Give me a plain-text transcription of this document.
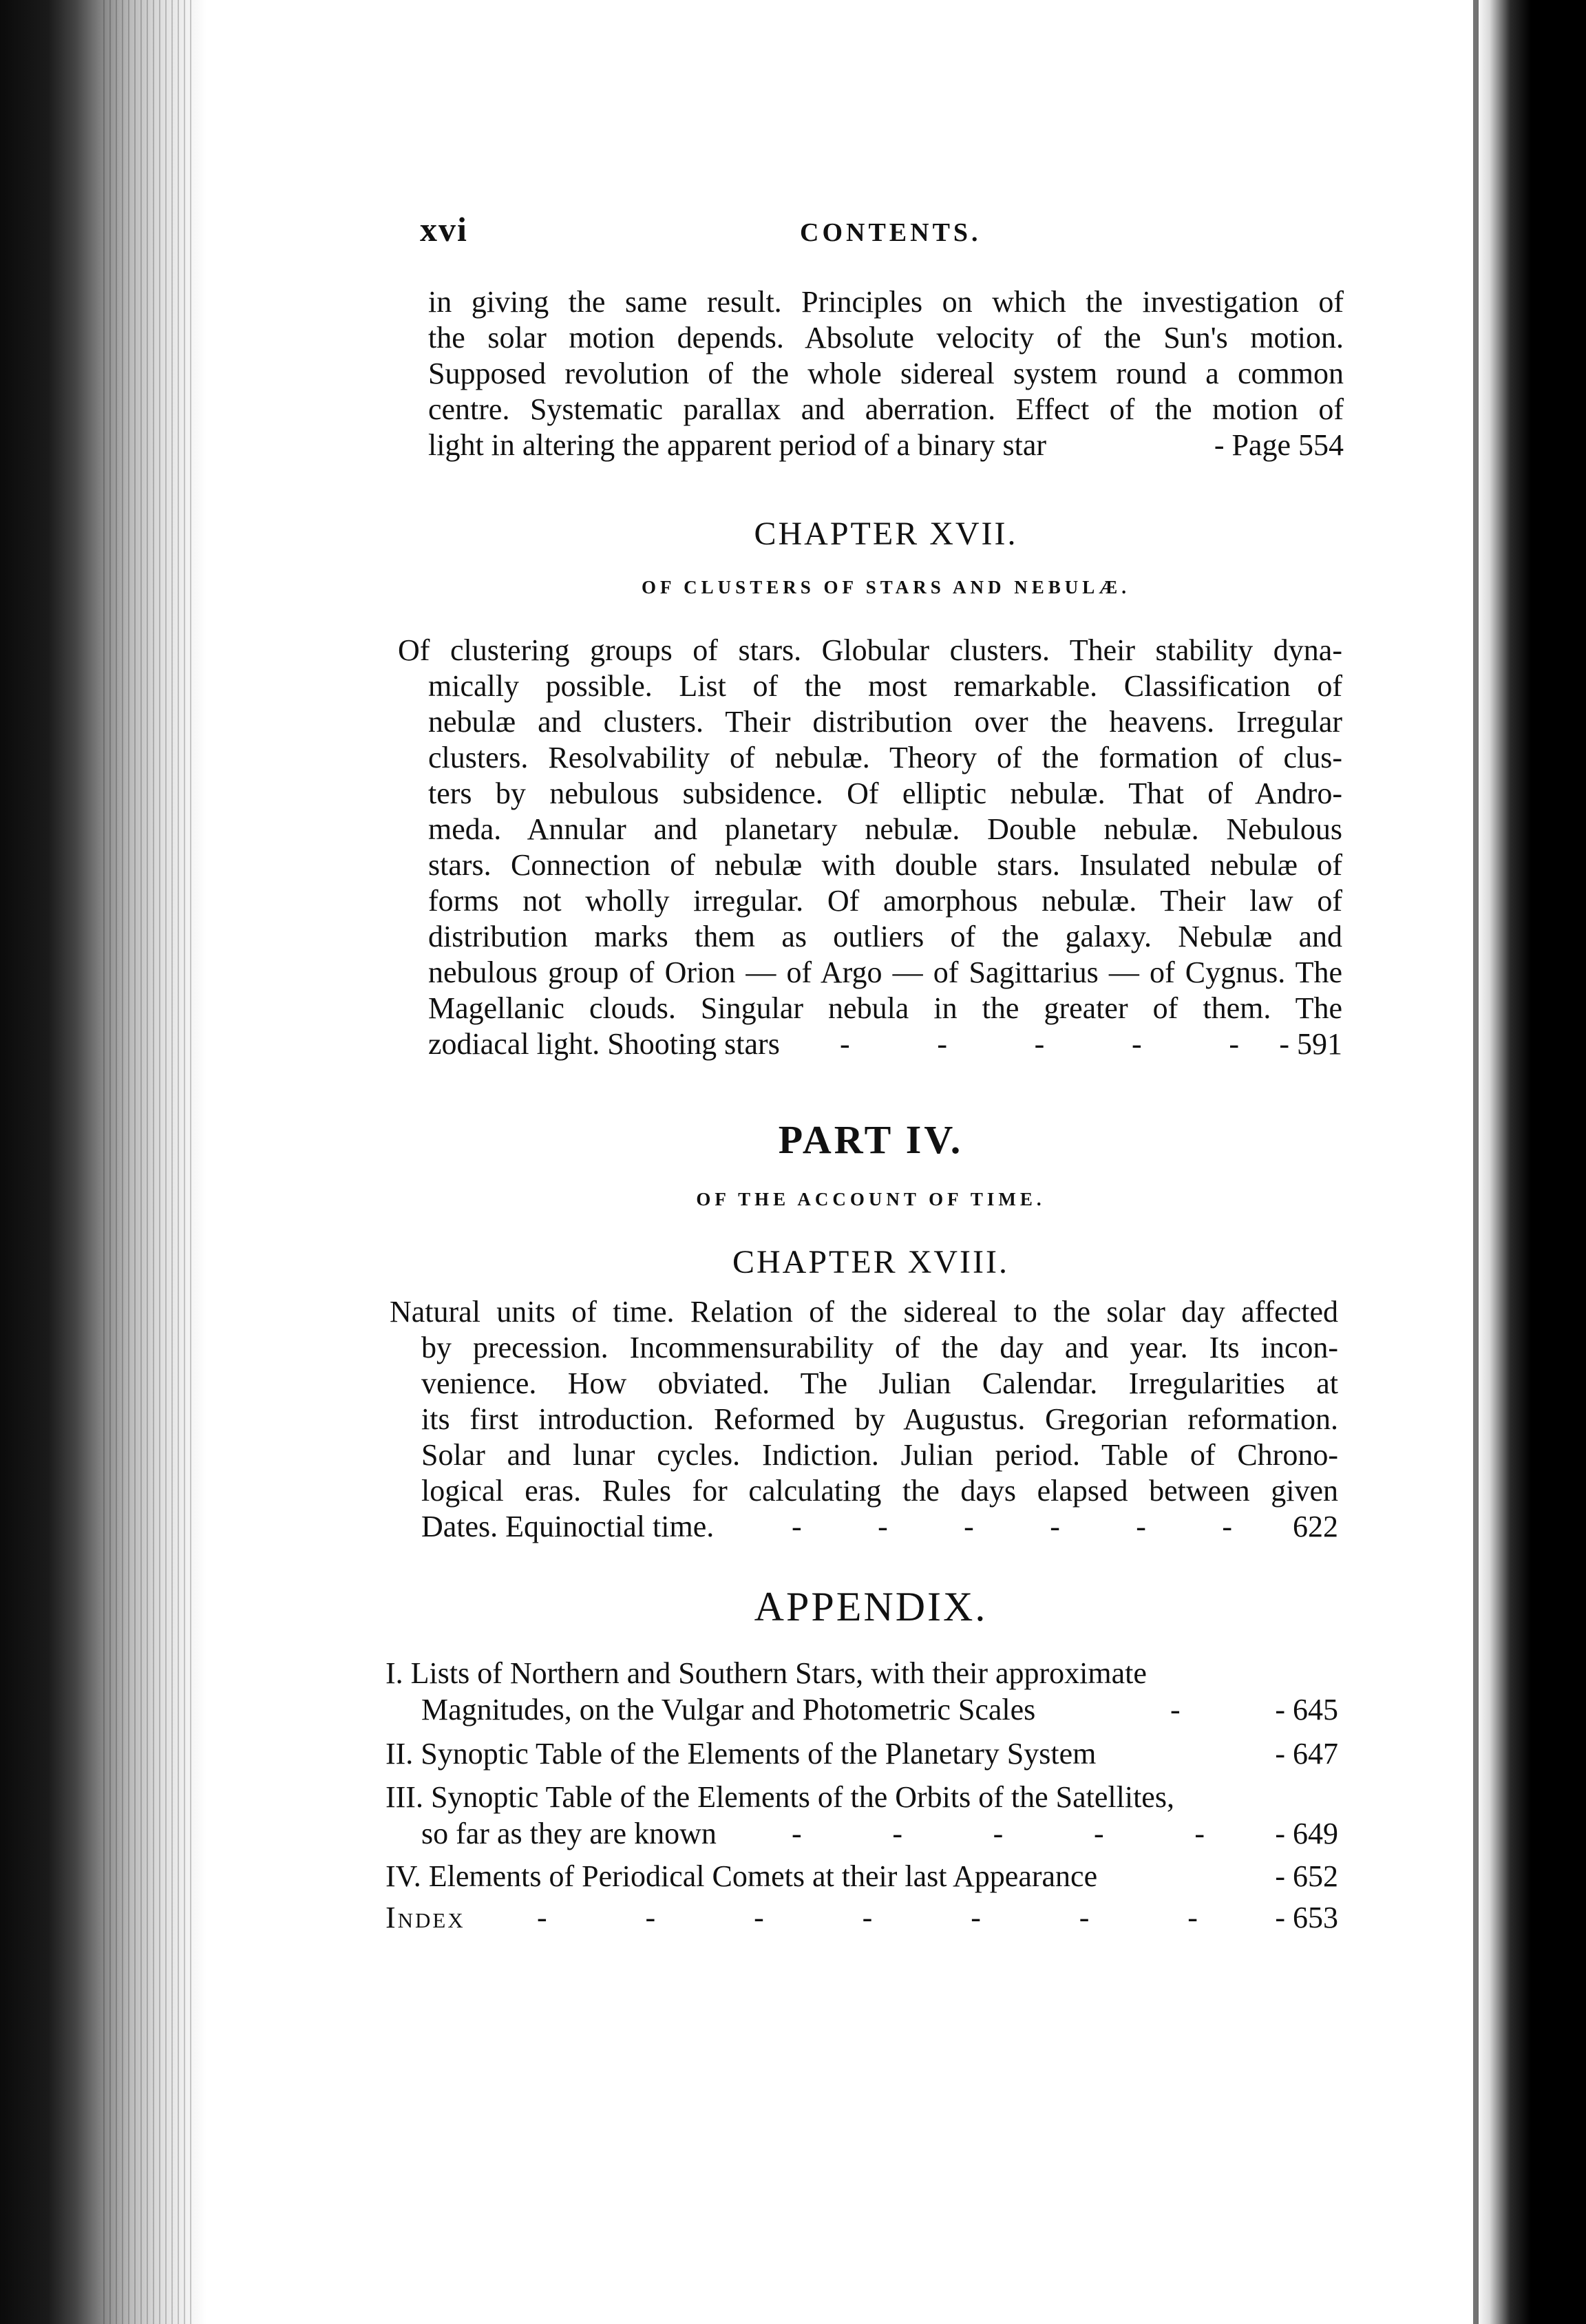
xvi	CONTENTS.
in giving the same result. Principles on which the investigation of
the solar motion depends. Absolute velocity of the Sun's motion.
Supposed revolution of the whole sidereal system round a common
centre. Systematic parallax and aberration. Effect of the motion of
light in altering the apparent period of a binary star	- Page 554
CHAPTER XVII.
OF CLUSTERS OF STARS AND NEBULÆ.
Of clustering groups of stars. Globular clusters. Their stability dyna-
mically possible. List of the most remarkable. Classification of
nebulæ and clusters. Their distribution over the heavens. Irregular
clusters. Resolvability of nebulæ. Theory of the formation of clus-
ters by nebulous subsidence. Of elliptic nebulæ. That of Andro-
meda. Annular and planetary nebulæ. Double nebulæ. Nebulous
stars. Connection of nebulæ with double stars. Insulated nebulæ of
forms not wholly irregular. Of amorphous nebulæ. Their law of
distribution marks them as outliers of the galaxy. Nebulæ and
nebulous group of Orion — of Argo — of Sagittarius — of Cygnus. The
Magellanic clouds. Singular nebula in the greater of them. The
zodiacal light. Shooting stars -	-	-	-	-	- 591
PART IV.
OF THE ACCOUNT OF TIME.
CHAPTER XVIII.
Natural units of time. Relation of the sidereal to the solar day affected
by precession. Incommensurability of the day and year. Its incon-
venience. How obviated. The Julian Calendar. Irregularities at
its first introduction. Reformed by Augustus. Gregorian reformation.
Solar and lunar cycles. Indiction. Julian period. Table of Chrono-
logical eras. Rules for calculating the days elapsed between given
Dates. Equinoctial time.	-	-	-	-	-	-	622
APPENDIX.
I. Lists of Northern and Southern Stars, with their approximate
Magnitudes, on the Vulgar and Photometric Scales	-	- 645
II. Synoptic Table of the Elements of the Planetary System	- 647
III. Synoptic Table of the Elements of the Orbits of the Satellites,
so far as they are known -	-	-	-	-	- 649
IV. Elements of Periodical Comets at their last Appearance	- 652
Index -	-	-	-	-	-	-	- 653
